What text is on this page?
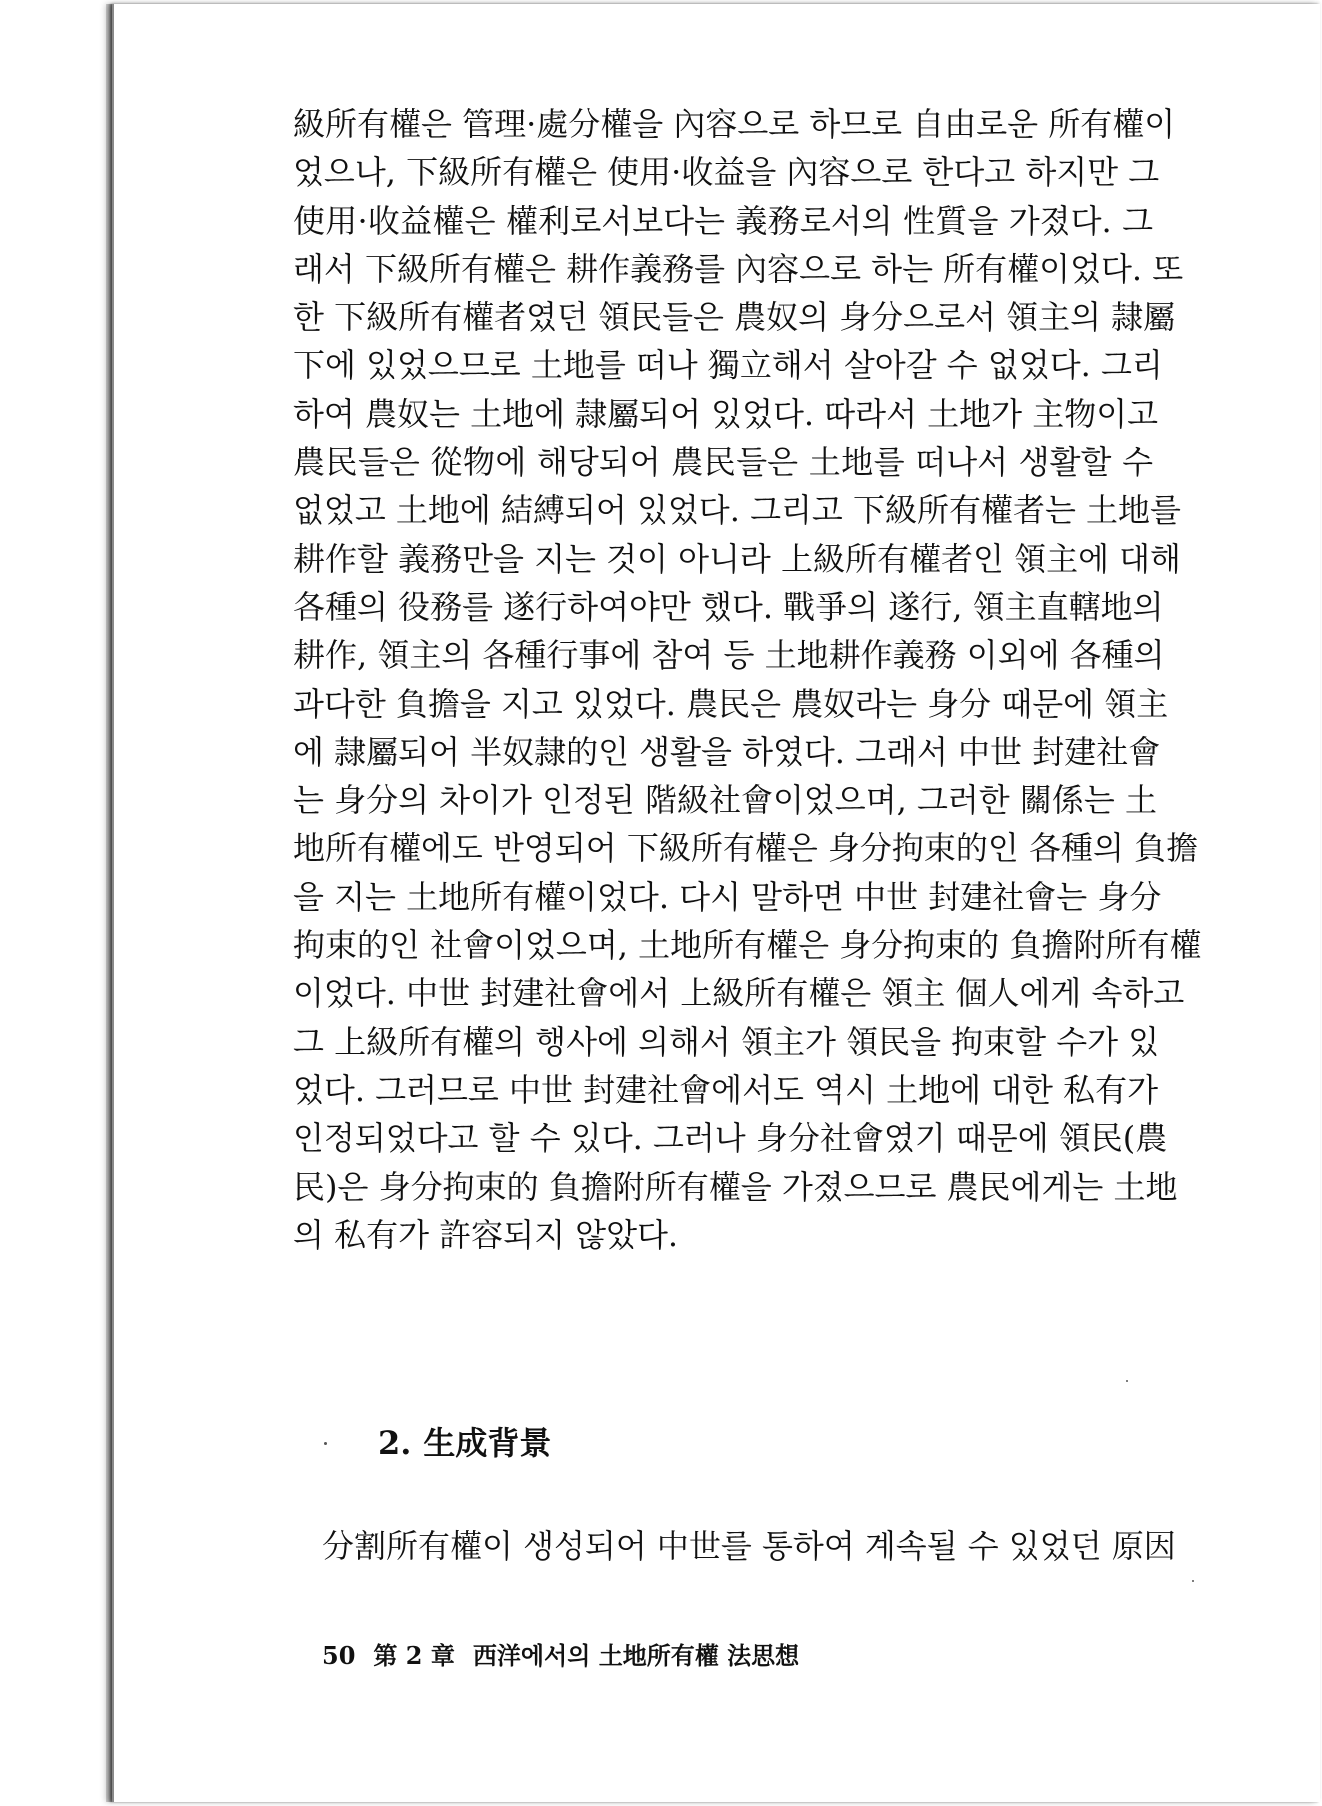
級所有權은 管理·處分權을 內容으로 하므로 自由로운 所有權이
었으나, 下級所有權은 使用·收益을 內容으로 한다고 하지만 그
使用·收益權은 權利로서보다는 義務로서의 性質을 가졌다. 그
래서 下級所有權은 耕作義務를 內容으로 하는 所有權이었다. 또
한 下級所有權者였던 領民들은 農奴의 身分으로서 領主의 隷屬
下에 있었으므로 土地를 떠나 獨立해서 살아갈 수 없었다. 그리
하여 農奴는 土地에 隷屬되어 있었다. 따라서 土地가 主物이고
農民들은 從物에 해당되어 農民들은 土地를 떠나서 생활할 수
없었고 土地에 結縛되어 있었다. 그리고 下級所有權者는 土地를
耕作할 義務만을 지는 것이 아니라 上級所有權者인 領主에 대해
各種의 役務를 遂行하여야만 했다. 戰爭의 遂行, 領主直轄地의
耕作, 領主의 各種行事에 참여 등 土地耕作義務 이외에 各種의
과다한 負擔을 지고 있었다. 農民은 農奴라는 身分 때문에 領主
에 隷屬되어 半奴隷的인 생활을 하였다. 그래서 中世 封建社會
는 身分의 차이가 인정된 階級社會이었으며, 그러한 關係는 土
地所有權에도 반영되어 下級所有權은 身分拘束的인 各種의 負擔
을 지는 土地所有權이었다. 다시 말하면 中世 封建社會는 身分
拘束的인 社會이었으며, 土地所有權은 身分拘束的 負擔附所有權
이었다. 中世 封建社會에서 上級所有權은 領主 個人에게 속하고
그 上級所有權의 행사에 의해서 領主가 領民을 拘束할 수가 있
었다. 그러므로 中世 封建社會에서도 역시 土地에 대한 私有가
인정되었다고 할 수 있다. 그러나 身分社會였기 때문에 領民(農
民)은 身分拘束的 負擔附所有權을 가졌으므로 農民에게는 土地
의 私有가 許容되지 않았다.
2. 生成背景

分割所有權이 생성되어 中世를 통하여 계속될 수 있었던 原因

50 第 2 章 西洋에서의 土地所有權 法思想
